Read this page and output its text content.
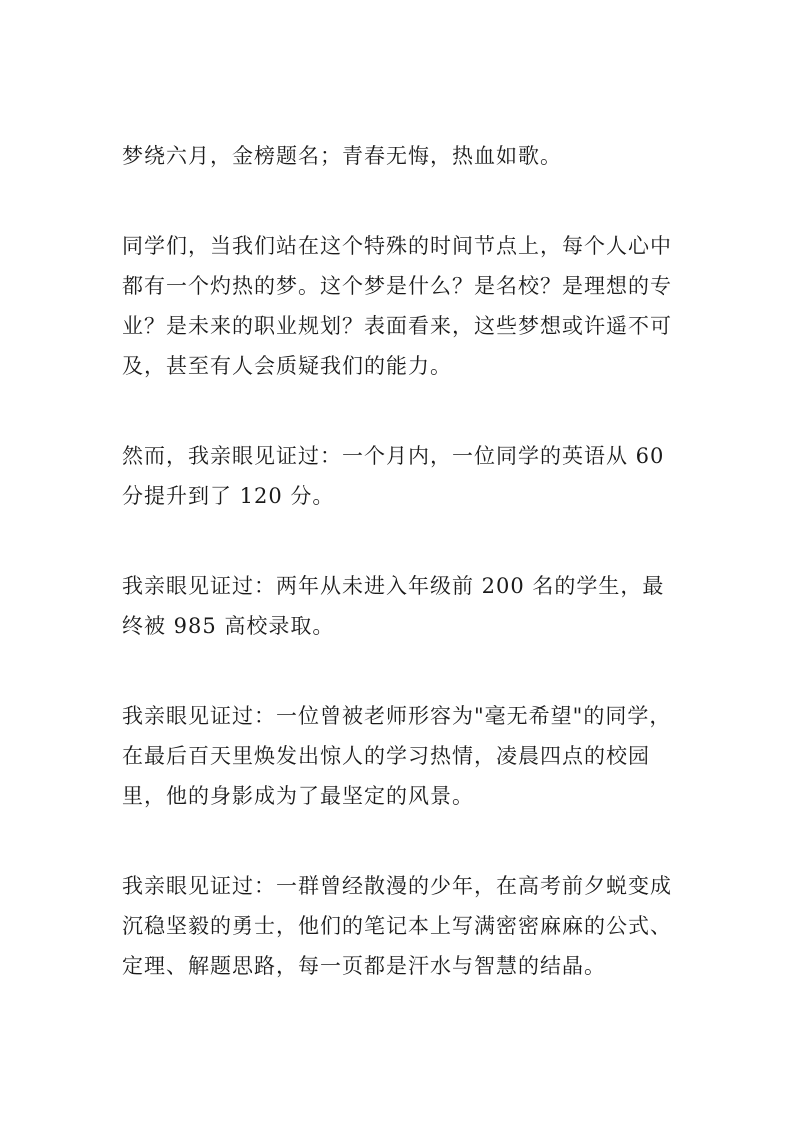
梦绕六月，金榜题名；青春无悔，热血如歌。

同学们，当我们站在这个特殊的时间节点上，每个人心中都有一个灼热的梦。这个梦是什么？是名校？是理想的专业？是未来的职业规划？表面看来，这些梦想或许遥不可及，甚至有人会质疑我们的能力。

然而，我亲眼见证过：一个月内，一位同学的英语从 60 分提升到了 120 分。

我亲眼见证过：两年从未进入年级前 200 名的学生，最终被 985 高校录取。

我亲眼见证过：一位曾被老师形容为"毫无希望"的同学，在最后百天里焕发出惊人的学习热情，凌晨四点的校园里，他的身影成为了最坚定的风景。

我亲眼见证过：一群曾经散漫的少年，在高考前夕蜕变成沉稳坚毅的勇士，他们的笔记本上写满密密麻麻的公式、定理、解题思路，每一页都是汗水与智慧的结晶。
